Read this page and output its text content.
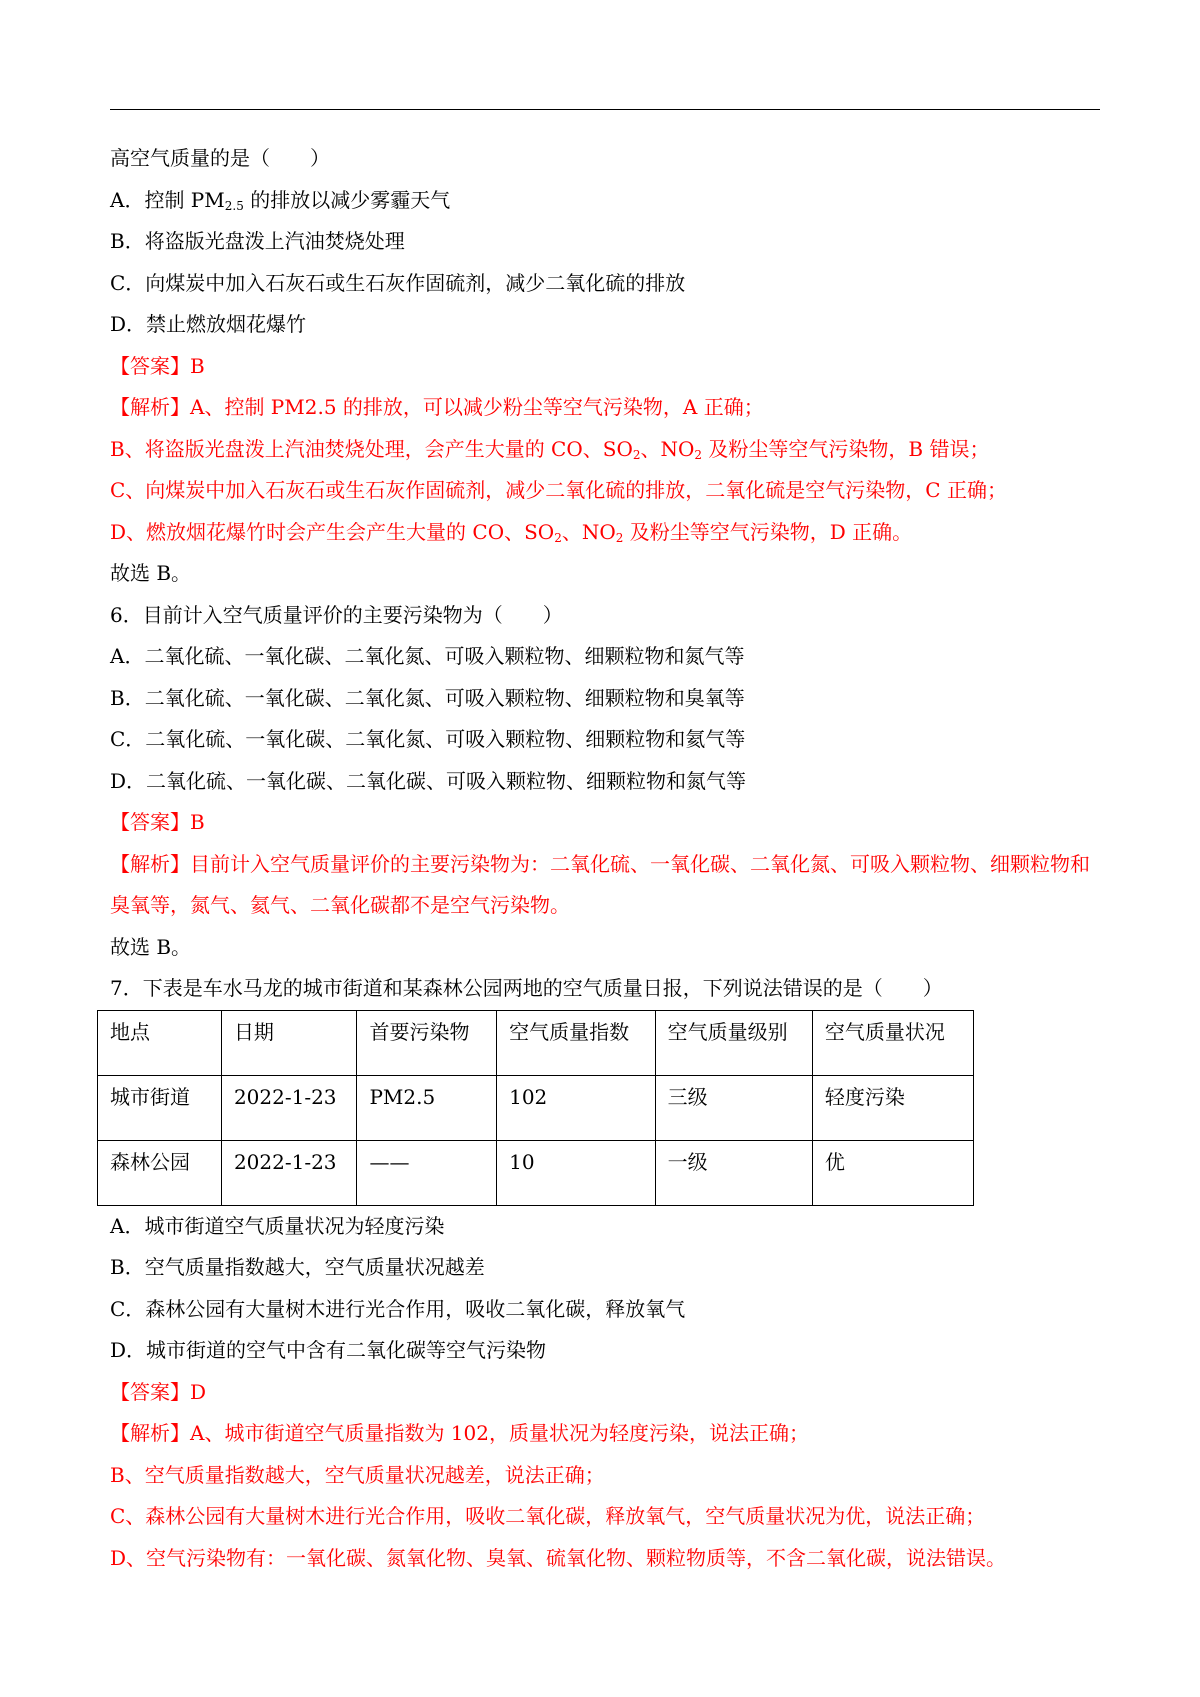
高空气质量的是（　　）
A．控制 $PM_{2.5}$ 的排放以减少雾霾天气
B．将盗版光盘泼上汽油焚烧处理
C．向煤炭中加入石灰石或生石灰作固硫剂，减少二氧化硫的排放
D．禁止燃放烟花爆竹
【答案】B
【解析】A、控制 PM2.5 的排放，可以减少粉尘等空气污染物，A 正确；
B、将盗版光盘泼上汽油焚烧处理，会产生大量的 CO、$SO_2$、$NO_2$ 及粉尘等空气污染物，B 错误；
C、向煤炭中加入石灰石或生石灰作固硫剂，减少二氧化硫的排放，二氧化硫是空气污染物，C 正确；
D、燃放烟花爆竹时会产生会产生大量的 CO、$SO_2$、$NO_2$ 及粉尘等空气污染物，D 正确。
故选 B。
6．目前计入空气质量评价的主要污染物为（　　）
A．二氧化硫、一氧化碳、二氧化氮、可吸入颗粒物、细颗粒物和氮气等
B．二氧化硫、一氧化碳、二氧化氮、可吸入颗粒物、细颗粒物和臭氧等
C．二氧化硫、一氧化碳、二氧化氮、可吸入颗粒物、细颗粒物和氦气等
D．二氧化硫、一氧化碳、二氧化碳、可吸入颗粒物、细颗粒物和氮气等
【答案】B
【解析】目前计入空气质量评价的主要污染物为：二氧化硫、一氧化碳、二氧化氮、可吸入颗粒物、细颗粒物和臭氧等，氮气、氦气、二氧化碳都不是空气污染物。
故选 B。
7．下表是车水马龙的城市街道和某森林公园两地的空气质量日报，下列说法错误的是（　　）
地点	日期	首要污染物	空气质量指数	空气质量级别	空气质量状况
城市街道	2022-1-23	PM2.5	102	三级	轻度污染
森林公园	2022-1-23	——	10	一级	优
A．城市街道空气质量状况为轻度污染
B．空气质量指数越大，空气质量状况越差
C．森林公园有大量树木进行光合作用，吸收二氧化碳，释放氧气
D．城市街道的空气中含有二氧化碳等空气污染物
【答案】D
【解析】A、城市街道空气质量指数为 102，质量状况为轻度污染，说法正确；
B、空气质量指数越大，空气质量状况越差，说法正确；
C、森林公园有大量树木进行光合作用，吸收二氧化碳，释放氧气，空气质量状况为优，说法正确；
D、空气污染物有：一氧化碳、氮氧化物、臭氧、硫氧化物、颗粒物质等，不含二氧化碳，说法错误。
